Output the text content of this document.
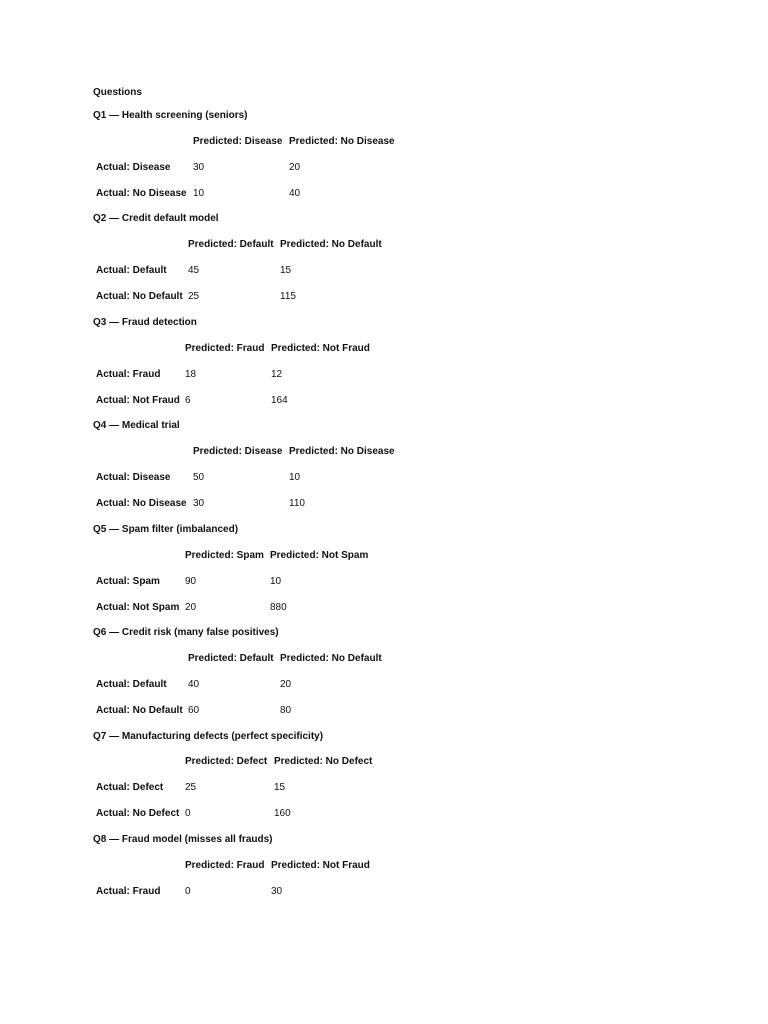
Questions
Q1 — Health screening (seniors)
	Predicted: Disease	Predicted: No Disease
Actual: Disease	30	20
Actual: No Disease	10	40
Q2 — Credit default model
	Predicted: Default	Predicted: No Default
Actual: Default	45	15
Actual: No Default	25	115
Q3 — Fraud detection
	Predicted: Fraud	Predicted: Not Fraud
Actual: Fraud	18	12
Actual: Not Fraud	6	164
Q4 — Medical trial
	Predicted: Disease	Predicted: No Disease
Actual: Disease	50	10
Actual: No Disease	30	110
Q5 — Spam filter (imbalanced)
	Predicted: Spam	Predicted: Not Spam
Actual: Spam	90	10
Actual: Not Spam	20	880
Q6 — Credit risk (many false positives)
	Predicted: Default	Predicted: No Default
Actual: Default	40	20
Actual: No Default	60	80
Q7 — Manufacturing defects (perfect specificity)
	Predicted: Defect	Predicted: No Defect
Actual: Defect	25	15
Actual: No Defect	0	160
Q8 — Fraud model (misses all frauds)
	Predicted: Fraud	Predicted: Not Fraud
Actual: Fraud	0	30
